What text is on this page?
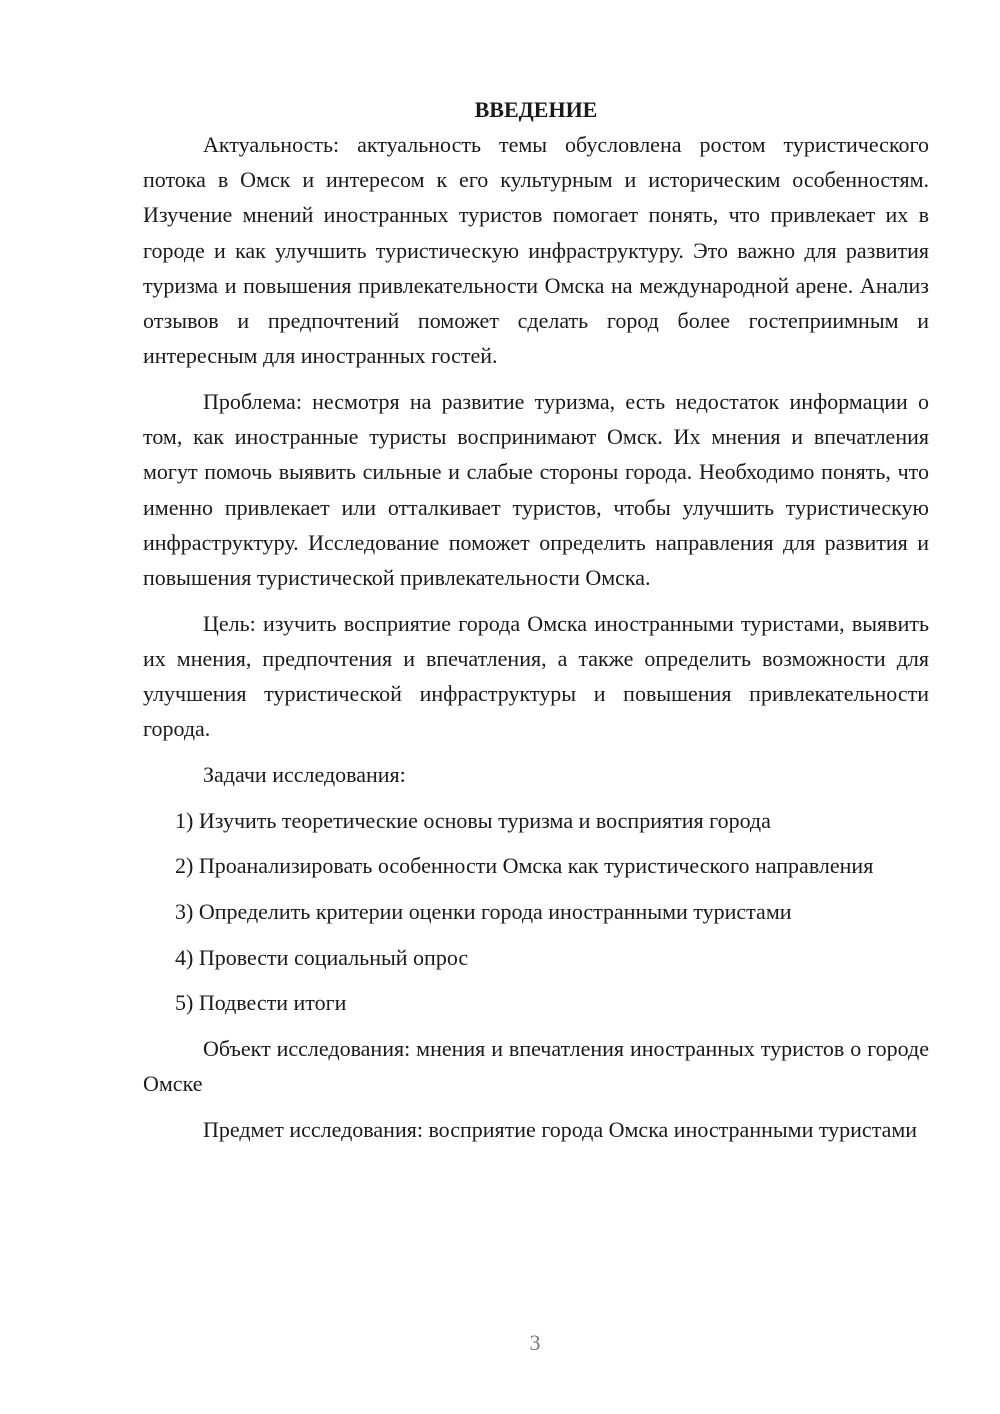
ВВЕДЕНИЕ

Актуальность: актуальность темы обусловлена ростом туристического потока в Омск и интересом к его культурным и историческим особенностям. Изучение мнений иностранных туристов помогает понять, что привлекает их в городе и как улучшить туристическую инфраструктуру. Это важно для развития туризма и повышения привлекательности Омска на международной арене. Анализ отзывов и предпочтений поможет сделать город более гостеприимным и интересным для иностранных гостей.

Проблема: несмотря на развитие туризма, есть недостаток информации о том, как иностранные туристы воспринимают Омск. Их мнения и впечатления могут помочь выявить сильные и слабые стороны города. Необходимо понять, что именно привлекает или отталкивает туристов, чтобы улучшить туристическую инфраструктуру. Исследование поможет определить направления для развития и повышения туристической привлекательности Омска.

Цель: изучить восприятие города Омска иностранными туристами, выявить их мнения, предпочтения и впечатления, а также определить возможности для улучшения туристической инфраструктуры и повышения привлекательности города.

Задачи исследования:

1) Изучить теоретические основы туризма и восприятия города

2) Проанализировать особенности Омска как туристического направления

3) Определить критерии оценки города иностранными туристами

4) Провести социальный опрос

5) Подвести итоги

Объект исследования: мнения и впечатления иностранных туристов о городе Омске

Предмет исследования: восприятие города Омска иностранными туристами

3
